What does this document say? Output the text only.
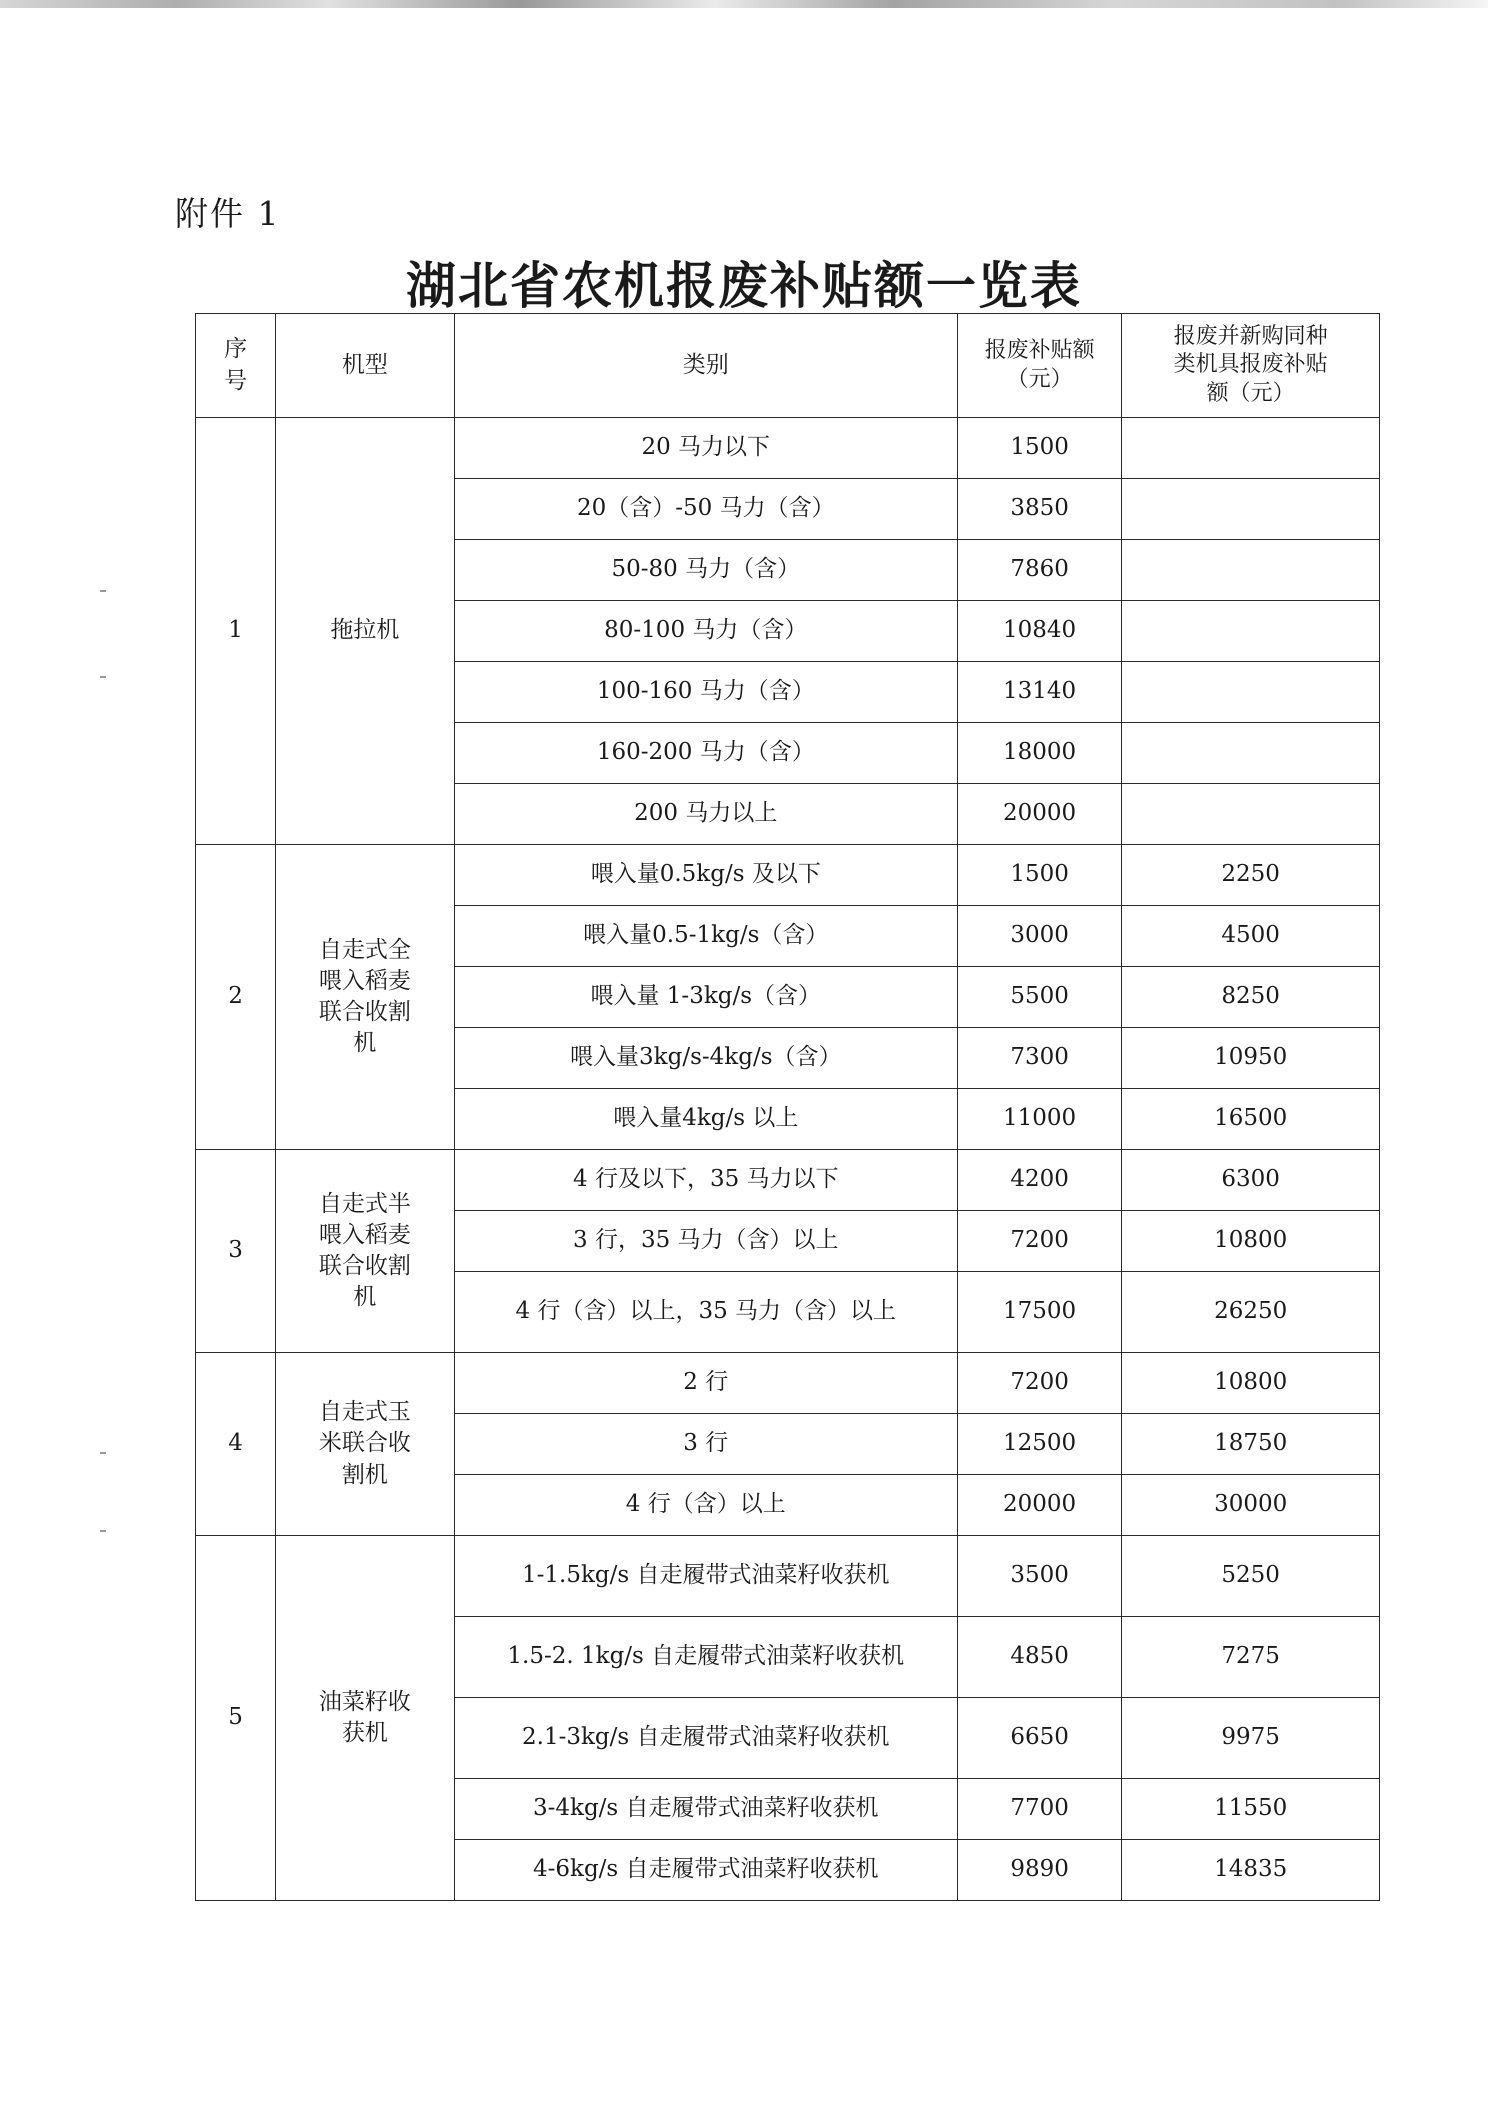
附件 1
湖北省农机报废补贴额一览表
序号	机型	类别	报废补贴额（元）	报废并新购同种类机具报废补贴额（元）

1	拖拉机	20 马力以下	1500	
		20（含）-50 马力（含）	3850	
		50-80 马力（含）	7860	
		80-100 马力（含）	10840	
		100-160 马力（含）	13140	
		160-200 马力（含）	18000	
		200 马力以上	20000	
2	自走式全喂入稻麦联合收割机	喂入量0.5kg/s 及以下	1500	2250
		喂入量0.5-1kg/s（含）	3000	4500
		喂入量 1-3kg/s（含）	5500	8250
		喂入量3kg/s-4kg/s（含）	7300	10950
		喂入量4kg/s 以上	11000	16500
3	自走式半喂入稻麦联合收割机	4 行及以下，35 马力以下	4200	6300
		3 行，35 马力（含）以上	7200	10800
		4 行（含）以上，35 马力（含）以上	17500	26250
4	自走式玉米联合收割机	2 行	7200	10800
		3 行	12500	18750
		4 行（含）以上	20000	30000
5	油菜籽收获机	1-1.5kg/s 自走履带式油菜籽收获机	3500	5250
		1.5-2. 1kg/s 自走履带式油菜籽收获机	4850	7275
		2.1-3kg/s 自走履带式油菜籽收获机	6650	9975
		3-4kg/s 自走履带式油菜籽收获机	7700	11550
		4-6kg/s 自走履带式油菜籽收获机	9890	14835
